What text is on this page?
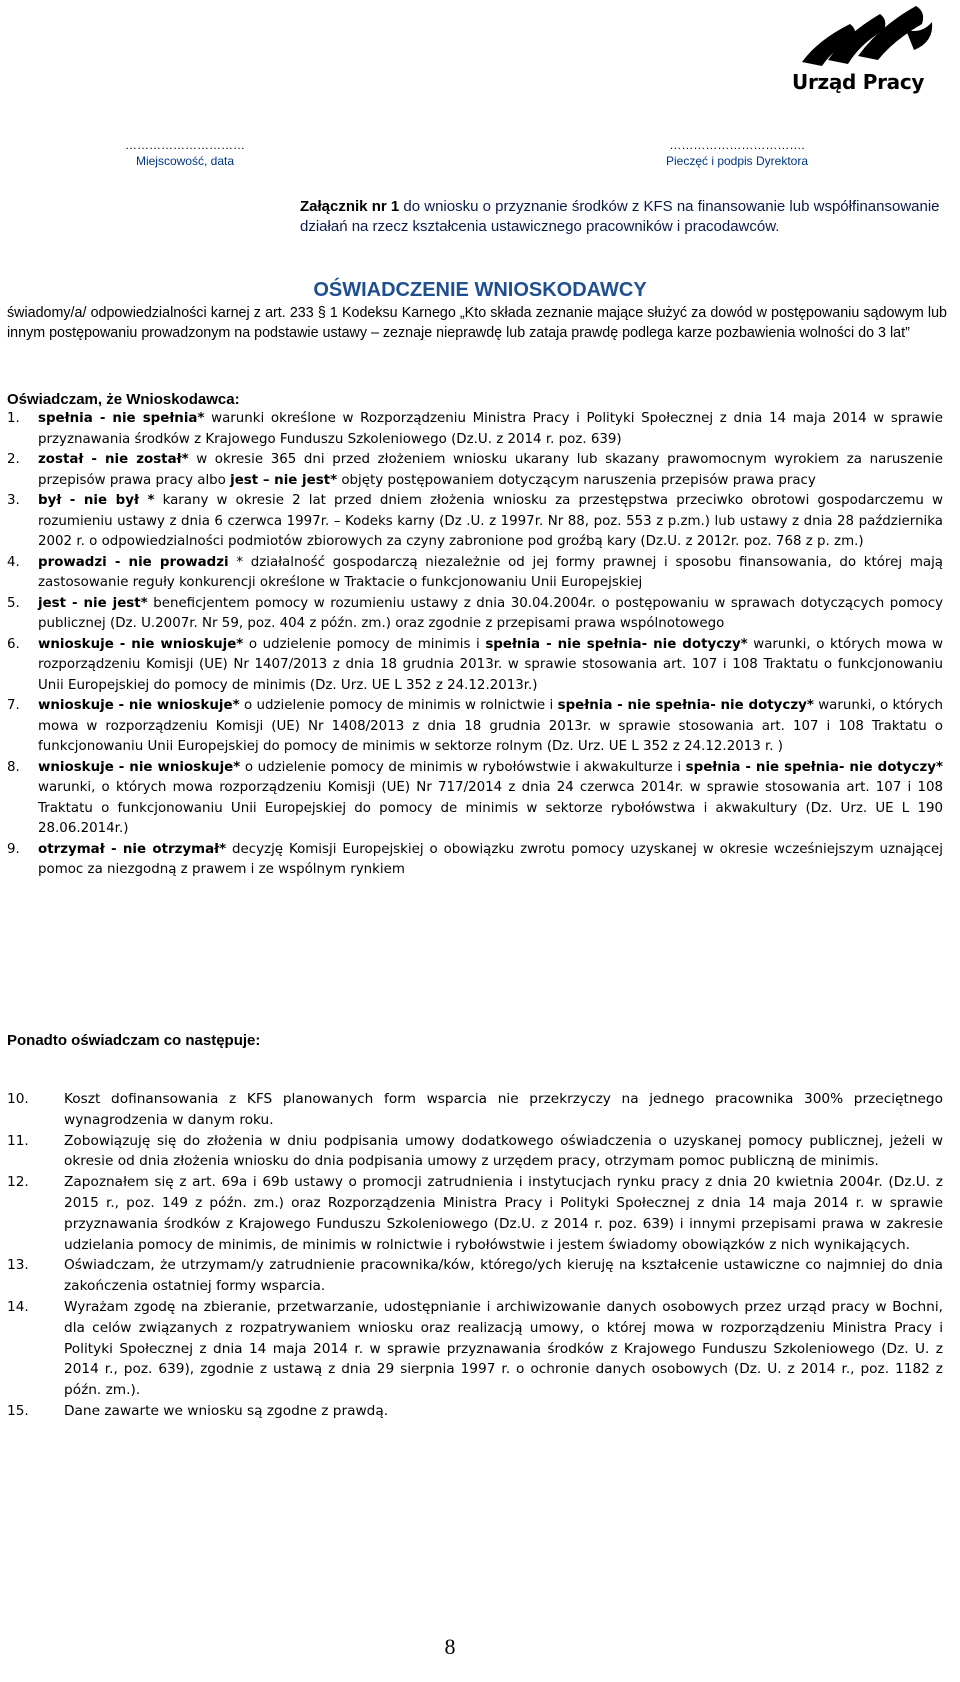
Urząd Pracy
…………………………
Miejscowość, data
…………………………….
Pieczęć i podpis Dyrektora
Załącznik nr 1 do wniosku o przyznanie środków z KFS na finansowanie lub współfinansowanie działań na rzecz kształcenia ustawicznego pracowników i pracodawców.
OŚWIADCZENIE WNIOSKODAWCY
świadomy/a/ odpowiedzialności karnej z art. 233 § 1 Kodeksu Karnego „Kto składa zeznanie mające służyć za dowód w postępowaniu sądowym lub innym postępowaniu prowadzonym na podstawie ustawy – zeznaje nieprawdę lub zataja prawdę podlega karze pozbawienia wolności do 3 lat”
Oświadczam, że Wnioskodawca:
1. spełnia - nie spełnia* warunki określone w Rozporządzeniu Ministra Pracy i Polityki Społecznej z dnia 14 maja 2014 w sprawie przyznawania środków z Krajowego Funduszu Szkoleniowego (Dz.U. z 2014 r. poz. 639)
2. został - nie został* w okresie 365 dni przed złożeniem wniosku ukarany lub skazany prawomocnym wyrokiem za naruszenie przepisów prawa pracy albo jest – nie jest* objęty postępowaniem dotyczącym naruszenia przepisów prawa pracy
3. był - nie był * karany w okresie 2 lat przed dniem złożenia wniosku za przestępstwa przeciwko obrotowi gospodarczemu w rozumieniu ustawy z dnia 6 czerwca 1997r. – Kodeks karny (Dz .U. z 1997r. Nr 88, poz. 553 z p.zm.) lub ustawy z dnia 28 października 2002 r. o odpowiedzialności podmiotów zbiorowych za czyny zabronione pod groźbą kary (Dz.U. z 2012r. poz. 768 z p. zm.)
4. prowadzi - nie prowadzi * działalność gospodarczą niezależnie od jej formy prawnej i sposobu finansowania, do której mają zastosowanie reguły konkurencji określone w Traktacie o funkcjonowaniu Unii Europejskiej
5. jest - nie jest* beneficjentem pomocy w rozumieniu ustawy z dnia 30.04.2004r. o postępowaniu w sprawach dotyczących pomocy publicznej (Dz. U.2007r. Nr 59, poz. 404 z późn. zm.) oraz zgodnie z przepisami prawa wspólnotowego
6. wnioskuje - nie wnioskuje* o udzielenie pomocy de minimis i spełnia - nie spełnia- nie dotyczy* warunki, o których mowa w rozporządzeniu Komisji (UE) Nr 1407/2013 z dnia 18 grudnia 2013r. w sprawie stosowania art. 107 i 108 Traktatu o funkcjonowaniu Unii Europejskiej do pomocy de minimis (Dz. Urz. UE L 352 z 24.12.2013r.)
7. wnioskuje - nie wnioskuje* o udzielenie pomocy de minimis w rolnictwie i spełnia - nie spełnia- nie dotyczy* warunki, o których mowa w rozporządzeniu Komisji (UE) Nr 1408/2013 z dnia 18 grudnia 2013r. w sprawie stosowania art. 107 i 108 Traktatu o funkcjonowaniu Unii Europejskiej do pomocy de minimis w sektorze rolnym (Dz. Urz. UE L 352 z 24.12.2013 r. )
8. wnioskuje - nie wnioskuje* o udzielenie pomocy de minimis w rybołówstwie i akwakulturze i spełnia - nie spełnia- nie dotyczy* warunki, o których mowa rozporządzeniu Komisji (UE) Nr 717/2014 z dnia 24 czerwca 2014r. w sprawie stosowania art. 107 i 108 Traktatu o funkcjonowaniu Unii Europejskiej do pomocy de minimis w sektorze rybołówstwa i akwakultury (Dz. Urz. UE L 190 28.06.2014r.)
9. otrzymał - nie otrzymał* decyzję Komisji Europejskiej o obowiązku zwrotu pomocy uzyskanej w okresie wcześniejszym uznającej pomoc za niezgodną z prawem i ze wspólnym rynkiem
Ponadto oświadczam co następuje:
10.	Koszt dofinansowania z KFS planowanych form wsparcia nie przekrzyczy na jednego pracownika 300% przeciętnego wynagrodzenia w danym roku.
11.	Zobowiązuję się do złożenia w dniu podpisania umowy dodatkowego oświadczenia o uzyskanej pomocy publicznej, jeżeli w okresie od dnia złożenia wniosku do dnia podpisania umowy z urzędem pracy, otrzymam pomoc publiczną de minimis.
12.	Zapoznałem się z art. 69a i 69b ustawy o promocji zatrudnienia i instytucjach rynku pracy z dnia 20 kwietnia 2004r. (Dz.U. z 2015 r., poz. 149 z późn. zm.) oraz Rozporządzenia Ministra Pracy i Polityki Społecznej z dnia 14 maja 2014 r. w sprawie przyznawania środków z Krajowego Funduszu Szkoleniowego (Dz.U. z 2014 r. poz. 639) i innymi przepisami prawa w zakresie udzielania pomocy de minimis, de minimis w rolnictwie i rybołówstwie i jestem świadomy obowiązków z nich wynikających.
13.	Oświadczam, że utrzymam/y zatrudnienie pracownika/ków, którego/ych kieruję na kształcenie ustawiczne co najmniej do dnia zakończenia ostatniej formy wsparcia.
14.	Wyrażam zgodę na zbieranie, przetwarzanie, udostępnianie i archiwizowanie danych osobowych przez urząd pracy w Bochni, dla celów związanych z rozpatrywaniem wniosku oraz realizacją umowy, o której mowa w rozporządzeniu Ministra Pracy i Polityki Społecznej z dnia 14 maja 2014 r. w sprawie przyznawania środków z Krajowego Funduszu Szkoleniowego (Dz. U. z 2014 r., poz. 639), zgodnie z ustawą z dnia 29 sierpnia 1997 r. o ochronie danych osobowych (Dz. U. z 2014 r., poz. 1182 z późn. zm.).
15.	Dane zawarte we wniosku są zgodne z prawdą.
8
